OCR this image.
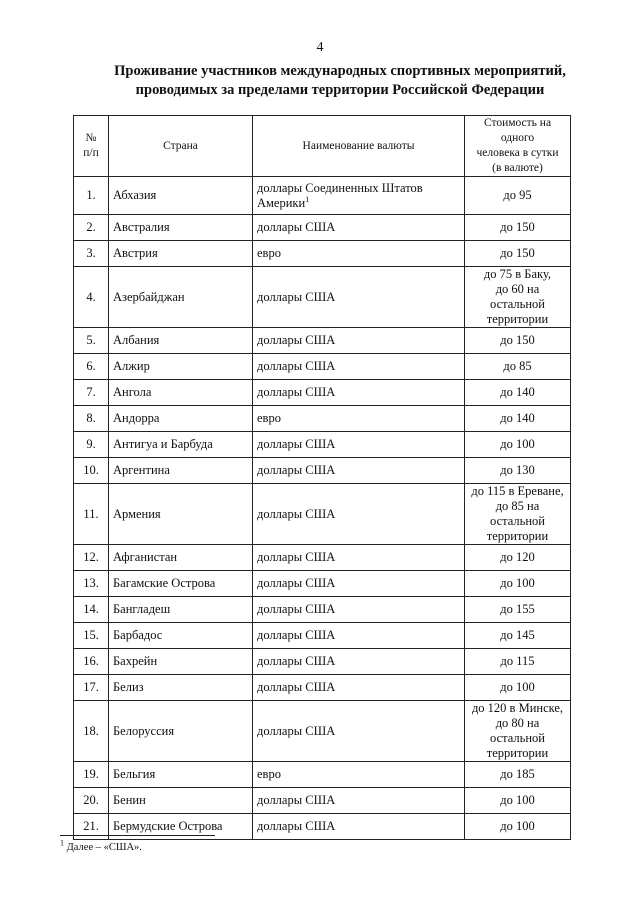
4
Проживание участников международных спортивных мероприятий,
проводимых за пределами территории Российской Федерации
№
п/п	Страна	Наименование валюты	Стоимость на одного
человека в сутки
(в валюте)
1.	Абхазия	доллары Соединенных Штатов Америки$^1$	до 95
2.	Австралия	доллары США	до 150
3.	Австрия	евро	до 150
4.	Азербайджан	доллары США	до 75 в Баку,
до 60 на остальной
территории
5.	Албания	доллары США	до 150
6.	Алжир	доллары США	до 85
7.	Ангола	доллары США	до 140
8.	Андорра	евро	до 140
9.	Антигуа и Барбуда	доллары США	до 100
10.	Аргентина	доллары США	до 130
11.	Армения	доллары США	до 115 в Ереване,
до 85 на остальной
территории
12.	Афганистан	доллары США	до 120
13.	Багамские Острова	доллары США	до 100
14.	Бангладеш	доллары США	до 155
15.	Барбадос	доллары США	до 145
16.	Бахрейн	доллары США	до 115
17.	Белиз	доллары США	до 100
18.	Белоруссия	доллары США	до 120 в Минске,
до 80 на остальной
территории
19.	Бельгия	евро	до 185
20.	Бенин	доллары США	до 100
21.	Бермудские Острова	доллары США	до 100
$^1$ Далее – «США».
